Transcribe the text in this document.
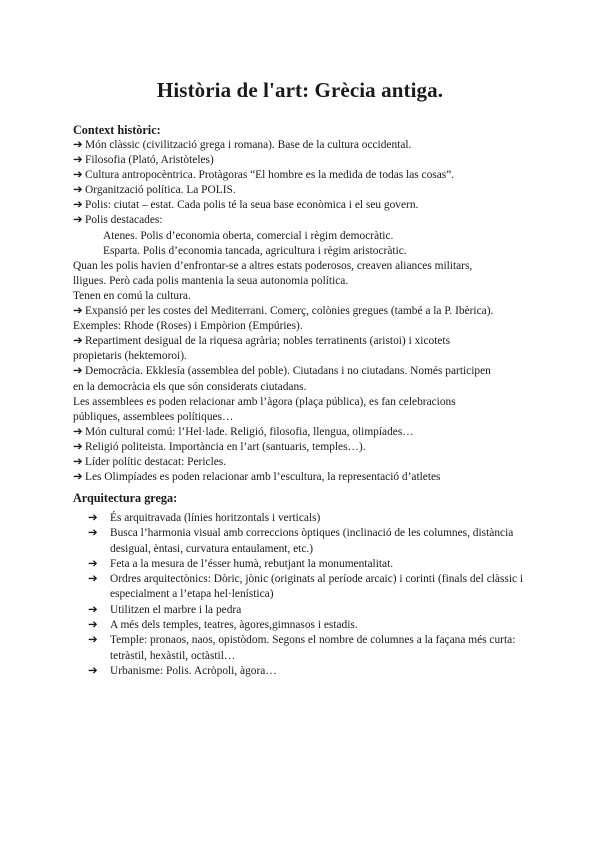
Història de l'art: Grècia antiga.
Context històric:
➔ Món clàssic (civilització grega i romana). Base de la cultura occidental.
➔ Filosofia (Plató, Aristòteles)
➔ Cultura antropocèntrica. Protàgoras “El hombre es la medida de todas las cosas”.
➔ Organització política. La POLIS.
➔ Polis: ciutat – estat. Cada polis té la seua base econòmica i el seu govern.
➔ Polis destacades:
Atenes. Polis d’economia oberta, comercial i règim democràtic.
Esparta. Polis d’economia tancada, agricultura i règim aristocràtic.
Quan les polis havien d’enfrontar-se a altres estats poderosos, creaven aliances militars,
lligues. Però cada polis mantenia la seua autonomia política.
Tenen en comú la cultura.
➔ Expansió per les costes del Mediterrani. Comerç, colònies gregues (també a la P. Ibèrica).
Exemples: Rhode (Roses) i Empòrion (Empúries).
➔ Repartiment desigual de la riquesa agrària; nobles terratinents (aristoi) i xicotets
propietaris (hektemoroi).
➔ Democràcia. Ekklesía (assemblea del poble). Ciutadans i no ciutadans. Només participen
en la democràcia els que són considerats ciutadans.
Les assemblees es poden relacionar amb l’àgora (plaça pública), es fan celebracions
públiques, assemblees polítiques…
➔ Món cultural comú: l’Hel·lade. Religió, filosofia, llengua, olimpíades…
➔ Religió politeista. Importància en l’art (santuaris, temples…).
➔ Líder polític destacat: Pericles.
➔ Les Olimpíades es poden relacionar amb l’escultura, la representació d’atletes
Arquitectura grega:
➔ És arquitravada (línies horitzontals i verticals)
➔ Busca l’harmonia visual amb correccions òptiques (inclinació de les columnes, distància desigual, èntasi, curvatura entaulament, etc.)
➔ Feta a la mesura de l’ésser humà, rebutjant la monumentalitat.
➔ Ordres arquitectònics: Dòric, jònic (originats al període arcaic) i corinti (finals del clàssic i especialment a l’etapa hel·lenística)
➔ Utilitzen el marbre i la pedra
➔ A més dels temples, teatres, àgores,gimnasos i estadis.
➔ Temple: pronaos, naos, opistòdom. Segons el nombre de columnes a la façana més curta: tetràstil, hexàstil, octàstil…
➔ Urbanisme: Polis. Acròpoli, àgora…
